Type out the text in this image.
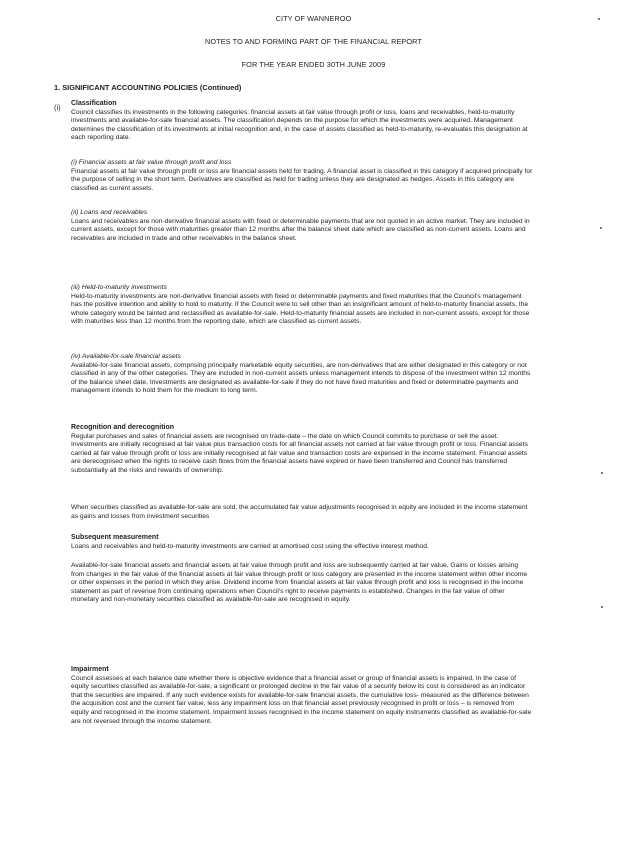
CITY OF WANNEROO
NOTES TO AND FORMING PART OF THE FINANCIAL REPORT
FOR THE YEAR ENDED 30TH JUNE 2009
1. SIGNIFICANT ACCOUNTING POLICIES (Continued)
(i) Classification

Council classifies its investments in the following categories: financial assets at fair value through profit or loss, loans and receivables, held-to-maturity investments and available-for-sale financial assets. The classification depends on the purpose for which the investments were acquired. Management determines the classification of its investments at initial recognition and, in the case of assets classified as held-to-maturity, re-evaluates this designation at each reporting date.

(i) Financial assets at fair value through profit and loss

Financial assets at fair value through profit or loss are financial assets held for trading. A financial asset is classified in this category if acquired principally for the purpose of selling in the short term. Derivatives are classified as held for trading unless they are designated as hedges. Assets in this category are classified as current assets.

(ii) Loans and receivables

Loans and receivables are non-derivative financial assets with fixed or determinable payments that are not quoted in an active market. They are included in current assets, except for those with maturities greater than 12 months after the balance sheet date which are classified as non-current assets. Loans and receivables are included in trade and other receivables in the balance sheet.

(iii) Held-to-maturity investments

Held-to-maturity investments are non-derivative financial assets with fixed or determinable payments and fixed maturities that the Council's management has the positive intention and ability to hold to maturity. If the Council were to sell other than an insignificant amount of held-to-maturity financial assets, the whole category would be tainted and reclassified as available-for-sale. Held-to-maturity financial assets are included in non-current assets, except for those with maturities less than 12 months from the reporting date, which are classified as current assets.

(iv) Available-for-sale financial assets

Available-for-sale financial assets, comprising principally marketable equity securities, are non-derivatives that are either designated in this category or not classified in any of the other categories. They are included in non-current assets unless management intends to dispose of the investment within 12 months of the balance sheet date. Investments are designated as available-for-sale if they do not have fixed maturities and fixed or determinable payments and management intends to hold them for the medium to long term.

Recognition and derecognition

Regular purchases and sales of financial assets are recognised on trade-date – the date on which Council commits to purchase or sell the asset. Investments are initially recognised at fair value plus transaction costs for all financial assets not carried at fair value through profit or loss. Financial assets carried at fair value through profit or loss are initially recognised at fair value and transaction costs are expensed in the income statement. Financial assets are derecognised when the rights to receive cash flows from the financial assets have expired or have been transferred and Council has transferred substantially all the risks and rewards of ownership.

When securities classified as available-for-sale are sold, the accumulated fair value adjustments recognised in equity are included in the income statement as gains and losses from investment securities

Subsequent measurement

Loans and receivables and held-to-maturity investments are carried at amortised cost using the effective interest method.

Available-for-sale financial assets and financial assets at fair value through profit and loss are subsequently carried at fair value. Gains or losses arising from changes in the fair value of the financial assets at fair value through profit or loss category are presented in the income statement within other income or other expenses in the period in which they arise. Dividend income from financial assets at fair value through profit and loss is recognised in the income statement as part of revenue from continuing operations when Council's right to receive payments is established. Changes in the fair value of other monetary and non-monetary securities classified as available-for-sale are recognised in equity.

Impairment

Council assesses at each balance date whether there is objective evidence that a financial asset or group of financial assets is impaired. In the case of equity securities classified as available-for-sale, a significant or prolonged decline in the fair value of a security below its cost is considered as an indicator that the securities are impaired. If any such evidence exists for available-for-sale financial assets, the cumulative loss- measured as the difference between the acquisition cost and the current fair value, less any impairment loss on that financial asset previously recognised in profit or loss – is removed from equity and recognised in the income statement. Impairment losses recognised in the income statement on equity instruments classified as available-for-sale are not reversed through the income statement.
